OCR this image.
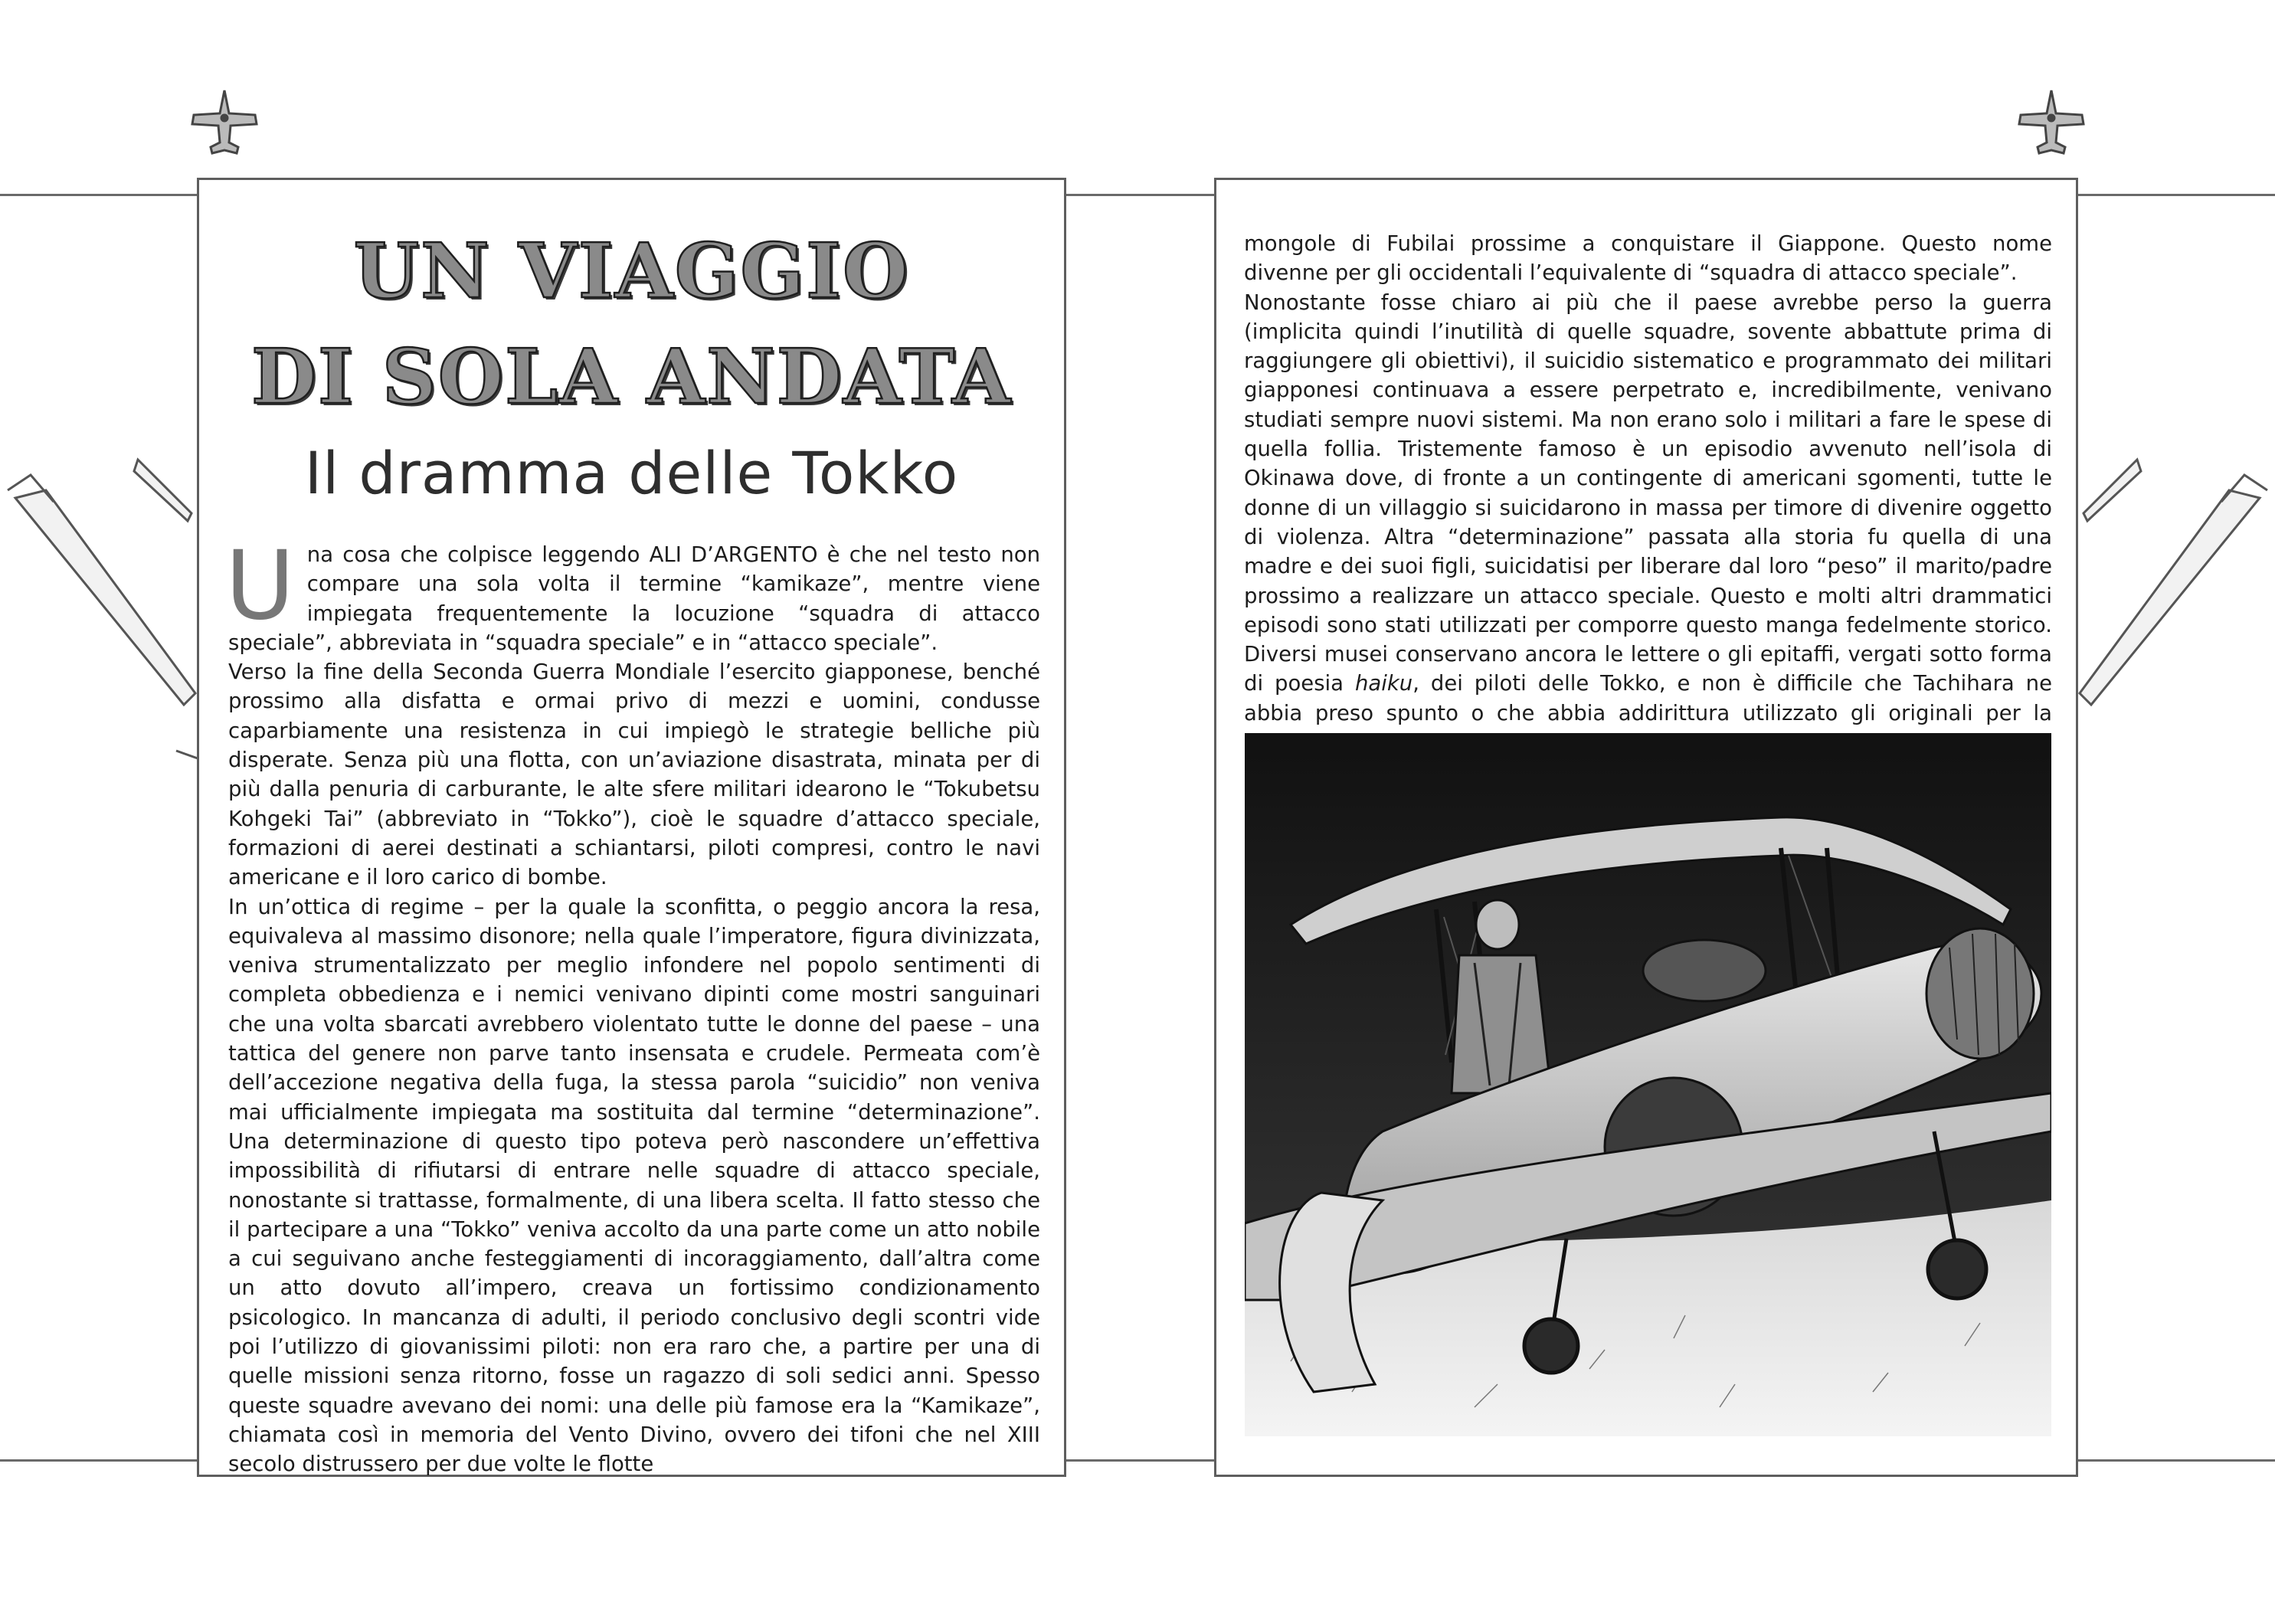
UN VIAGGIO
DI SOLA ANDATA
Il dramma delle Tokko

Una cosa che colpisce leggendo ALI D’ARGENTO è che nel testo non compare una sola volta il termine “kamikaze”, mentre viene impiegata frequentemente la locuzione “squadra di attacco speciale”, abbreviata in “squadra speciale” e in “attacco speciale”.

Verso la fine della Seconda Guerra Mondiale l’esercito giapponese, benché prossimo alla disfatta e ormai privo di mezzi e uomini, condusse caparbiamente una resistenza in cui impiegò le strategie belliche più disperate. Senza più una flotta, con un’aviazione disastrata, minata per di più dalla penuria di carburante, le alte sfere militari idearono le “Tokubetsu Kohgeki Tai” (abbreviato in “Tokko”), cioè le squadre d’attacco speciale, formazioni di aerei destinati a schiantarsi, piloti compresi, contro le navi americane e il loro carico di bombe.

In un’ottica di regime – per la quale la sconfitta, o peggio ancora la resa, equivaleva al massimo disonore; nella quale l’imperatore, figura divinizzata, veniva strumentalizzato per meglio infondere nel popolo sentimenti di completa obbedienza e i nemici venivano dipinti come mostri sanguinari che una volta sbarcati avrebbero violentato tutte le donne del paese – una tattica del genere non parve tanto insensata e crudele. Permeata com’è dell’accezione negativa della fuga, la stessa parola “suicidio” non veniva mai ufficialmente impiegata ma sostituita dal termine “determinazione”. Una determinazione di questo tipo poteva però nascondere un’effettiva impossibilità di rifiutarsi di entrare nelle squadre di attacco speciale, nonostante si trattasse, formalmente, di una libera scelta. Il fatto stesso che il partecipare a una “Tokko” veniva accolto da una parte come un atto nobile a cui seguivano anche festeggiamenti di incoraggiamento, dall’altra come un atto dovuto all’impero, creava un fortissimo condizionamento psicologico. In mancanza di adulti, il periodo conclusivo degli scontri vide poi l’utilizzo di giovanissimi piloti: non era raro che, a partire per una di quelle missioni senza ritorno, fosse un ragazzo di soli sedici anni. Spesso queste squadre avevano dei nomi: una delle più famose era la “Kamikaze”, chiamata così in memoria del Vento Divino, ovvero dei tifoni che nel XIII secolo distrussero per due volte le flotte

mongole di Fubilai prossime a conquistare il Giappone. Questo nome divenne per gli occidentali l’equivalente di “squadra di attacco speciale”.

Nonostante fosse chiaro ai più che il paese avrebbe perso la guerra (implicita quindi l’inutilità di quelle squadre, sovente abbattute prima di raggiungere gli obiettivi), il suicidio sistematico e programmato dei militari giapponesi continuava a essere perpetrato e, incredibilmente, venivano studiati sempre nuovi sistemi. Ma non erano solo i militari a fare le spese di quella follia. Tristemente famoso è un episodio avvenuto nell’isola di Okinawa dove, di fronte a un contingente di americani sgomenti, tutte le donne di un villaggio si suicidarono in massa per timore di divenire oggetto di violenza. Altra “determinazione” passata alla storia fu quella di una madre e dei suoi figli, suicidatisi per liberare dal loro “peso” il marito/padre prossimo a realizzare un attacco speciale. Questo e molti altri drammatici episodi sono stati utilizzati per comporre questo manga fedelmente storico. Diversi musei conservano ancora le lettere o gli epitaffi, vergati sotto forma di poesia haiku, dei piloti delle Tokko, e non è difficile che Tachihara ne abbia preso spunto o che abbia addirittura utilizzato gli originali per la
